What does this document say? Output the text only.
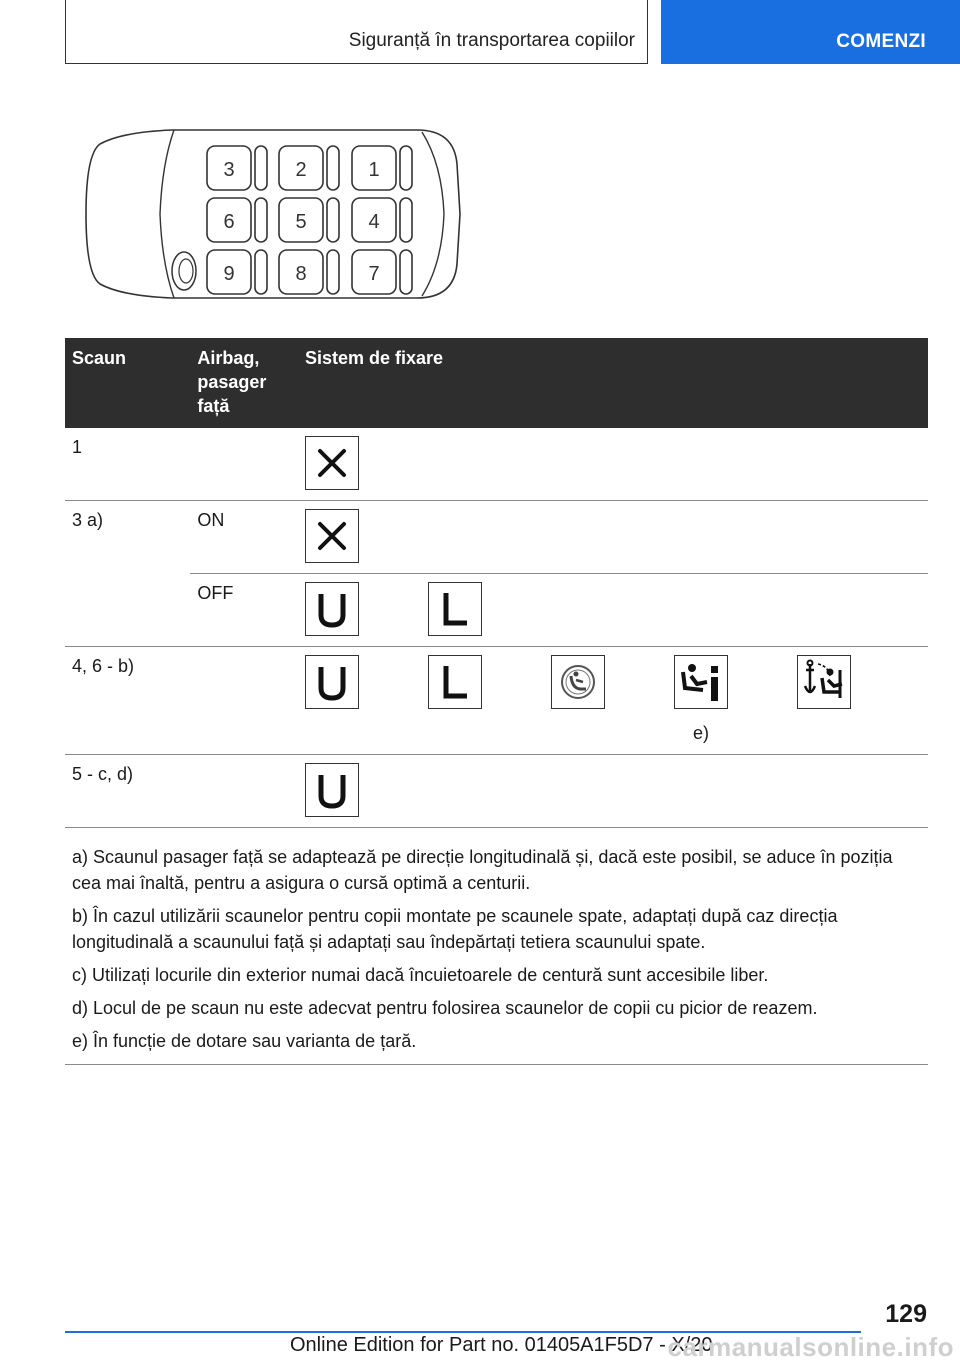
Siguranță în transportarea copiilor	COMENZI
3
6
9
2
5
8
1
4
7
Scaun	Airbag, pasager față	Sistem de fixare

1

3 a)	ON

	OFF

4, 6 - b)		e)

5 - c, d)

a) Scaunul pasager față se adaptează pe direcție longitudinală și, dacă este posibil, se aduce în poziția cea mai înaltă, pentru a asigura o cursă optimă a centurii.

b) În cazul utilizării scaunelor pentru copii montate pe scaunele spate, adaptați după caz direcția longitudinală a scaunului față și adaptați sau îndepărtați tetiera scaunului spate.

c) Utilizați locurile din exterior numai dacă încuietoarele de centură sunt accesibile liber.

d) Locul de pe scaun nu este adecvat pentru folosirea scaunelor de copii cu picior de reazem.

e) În funcție de dotare sau varianta de țară.

129
Online Edition for Part no. 01405A1F5D7 - X/20
carmanualsonline.info
